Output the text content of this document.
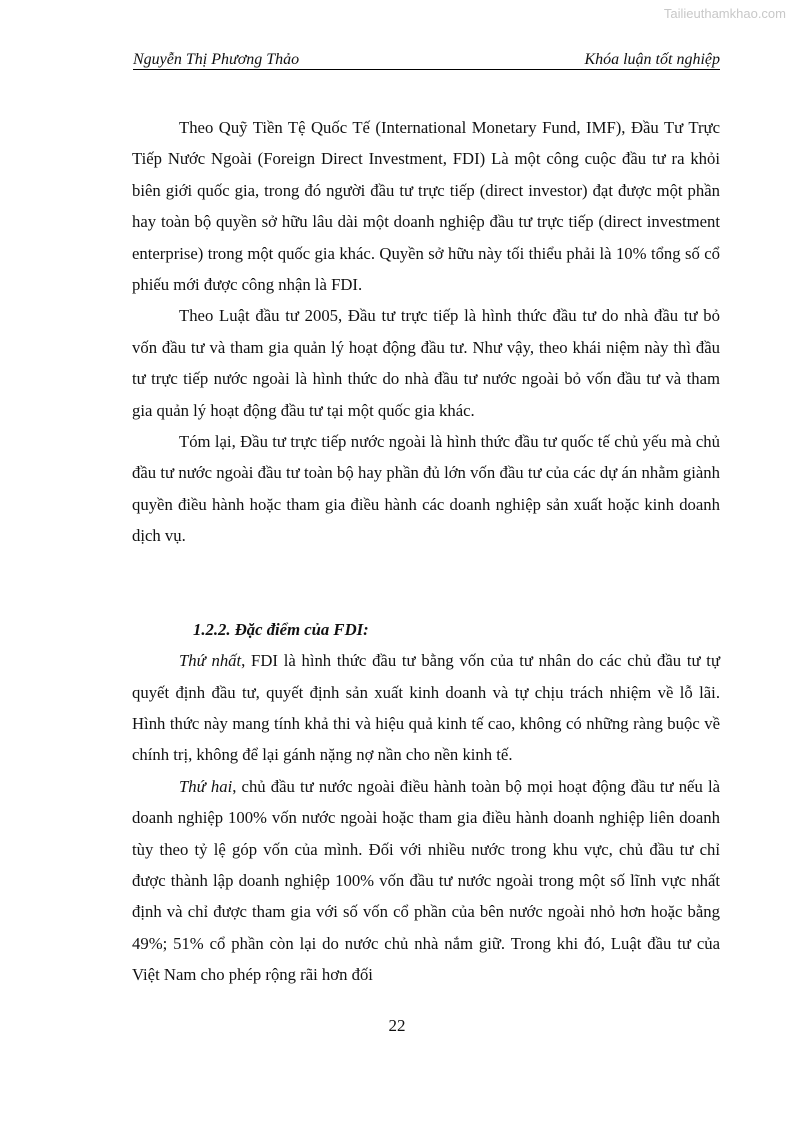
Tailieuthamkhao.com
Nguyễn Thị Phương Thảo	Khóa luận tốt nghiệp

Theo Quỹ Tiền Tệ Quốc Tế (International Monetary Fund, IMF), Đầu Tư Trực Tiếp Nước Ngoài (Foreign Direct Investment, FDI) Là một công cuộc đầu tư ra khỏi biên giới quốc gia, trong đó người đầu tư trực tiếp (direct investor) đạt được một phần hay toàn bộ quyền sở hữu lâu dài một doanh nghiệp đầu tư trực tiếp (direct investment enterprise) trong một quốc gia khác. Quyền sở hữu này tối thiểu phải là 10% tổng số cổ phiếu mới được công nhận là FDI.

Theo Luật đầu tư 2005, Đầu tư trực tiếp là hình thức đầu tư do nhà đầu tư bỏ vốn đầu tư và tham gia quản lý hoạt động đầu tư. Như vậy, theo khái niệm này thì đầu tư trực tiếp nước ngoài là hình thức do nhà đầu tư nước ngoài bỏ vốn đầu tư và tham gia quản lý hoạt động đầu tư tại một quốc gia khác.

Tóm lại, Đầu tư trực tiếp nước ngoài là hình thức đầu tư quốc tế chủ yếu mà chủ đầu tư nước ngoài đầu tư toàn bộ hay phần đủ lớn vốn đầu tư của các dự án nhằm giành quyền điều hành hoặc tham gia điều hành các doanh nghiệp sản xuất hoặc kinh doanh dịch vụ.

1.2.2. Đặc điểm của FDI:

Thứ nhất, FDI là hình thức đầu tư bằng vốn của tư nhân do các chủ đầu tư tự quyết định đầu tư, quyết định sản xuất kinh doanh và tự chịu trách nhiệm về lỗ lãi. Hình thức này mang tính khả thi và hiệu quả kinh tế cao, không có những ràng buộc về chính trị, không để lại gánh nặng nợ nần cho nền kinh tế.

Thứ hai, chủ đầu tư nước ngoài điều hành toàn bộ mọi hoạt động đầu tư nếu là doanh nghiệp 100% vốn nước ngoài hoặc tham gia điều hành doanh nghiệp liên doanh tùy theo tỷ lệ góp vốn của mình. Đối với nhiều nước trong khu vực, chủ đầu tư chỉ được thành lập doanh nghiệp 100% vốn đầu tư nước ngoài trong một số lĩnh vực nhất định và chỉ được tham gia với số vốn cổ phần của bên nước ngoài nhỏ hơn hoặc bằng 49%; 51% cổ phần còn lại do nước chủ nhà nắm giữ. Trong khi đó, Luật đầu tư của Việt Nam cho phép rộng rãi hơn đối

22
